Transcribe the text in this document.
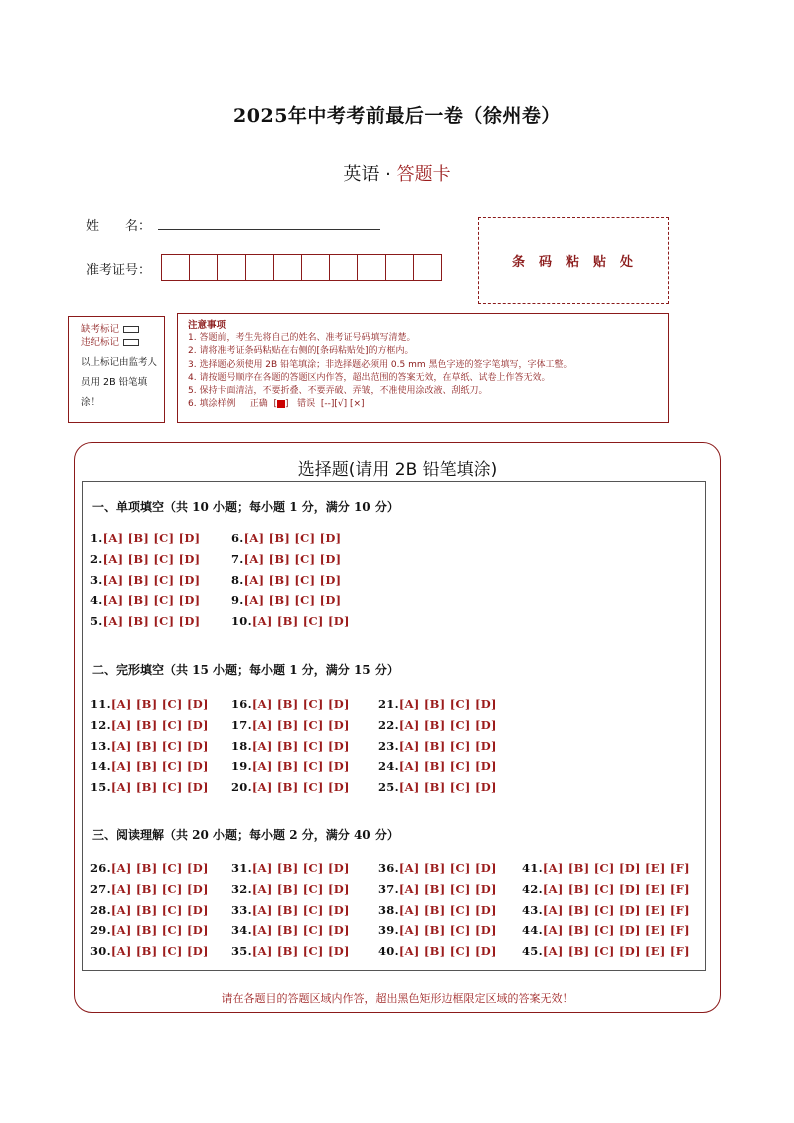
2025年中考考前最后一卷（徐州卷）
英语 · 答题卡
姓　　名：
准考证号：
条码粘贴处
缺考标记
违纪标记
以上标记由监考人员用 2B 铅笔填涂！
注意事项
1. 答题前，考生先将自己的姓名、准考证号码填写清楚。
2. 请将准考证条码粘贴在右侧的[条码粘贴处]的方框内。
3. 选择题必须使用 2B 铅笔填涂；非选择题必须用 0.5 mm 黑色字迹的签字笔填写，字体工整。
4. 请按题号顺序在各题的答题区内作答，超出范围的答案无效，在草纸、试卷上作答无效。
5. 保持卡面清洁，不要折叠、不要弄破、弄皱，不准使用涂改液、刮纸刀。
6. 填涂样例 正确  [ ]   错误 [--][√] [×]
选择题(请用 2B 铅笔填涂)
一、单项填空（共 10 小题；每小题 1 分，满分 10 分）
1.[A] [B] [C] [D]
2.[A] [B] [C] [D]
3.[A] [B] [C] [D]
4.[A] [B] [C] [D]
5.[A] [B] [C] [D]
6.[A] [B] [C] [D]
7.[A] [B] [C] [D]
8.[A] [B] [C] [D]
9.[A] [B] [C] [D]
10.[A] [B] [C] [D]
二、完形填空（共 15 小题；每小题 1 分，满分 15 分）
11.[A] [B] [C] [D]
12.[A] [B] [C] [D]
13.[A] [B] [C] [D]
14.[A] [B] [C] [D]
15.[A] [B] [C] [D]
16.[A] [B] [C] [D]
17.[A] [B] [C] [D]
18.[A] [B] [C] [D]
19.[A] [B] [C] [D]
20.[A] [B] [C] [D]
21.[A] [B] [C] [D]
22.[A] [B] [C] [D]
23.[A] [B] [C] [D]
24.[A] [B] [C] [D]
25.[A] [B] [C] [D]
三、阅读理解（共 20 小题；每小题 2 分，满分 40 分）
26.[A] [B] [C] [D]
27.[A] [B] [C] [D]
28.[A] [B] [C] [D]
29.[A] [B] [C] [D]
30.[A] [B] [C] [D]
31.[A] [B] [C] [D]
32.[A] [B] [C] [D]
33.[A] [B] [C] [D]
34.[A] [B] [C] [D]
35.[A] [B] [C] [D]
36.[A] [B] [C] [D]
37.[A] [B] [C] [D]
38.[A] [B] [C] [D]
39.[A] [B] [C] [D]
40.[A] [B] [C] [D]
41.[A] [B] [C] [D] [E] [F]
42.[A] [B] [C] [D] [E] [F]
43.[A] [B] [C] [D] [E] [F]
44.[A] [B] [C] [D] [E] [F]
45.[A] [B] [C] [D] [E] [F]
请在各题目的答题区域内作答，超出黑色矩形边框限定区域的答案无效！
